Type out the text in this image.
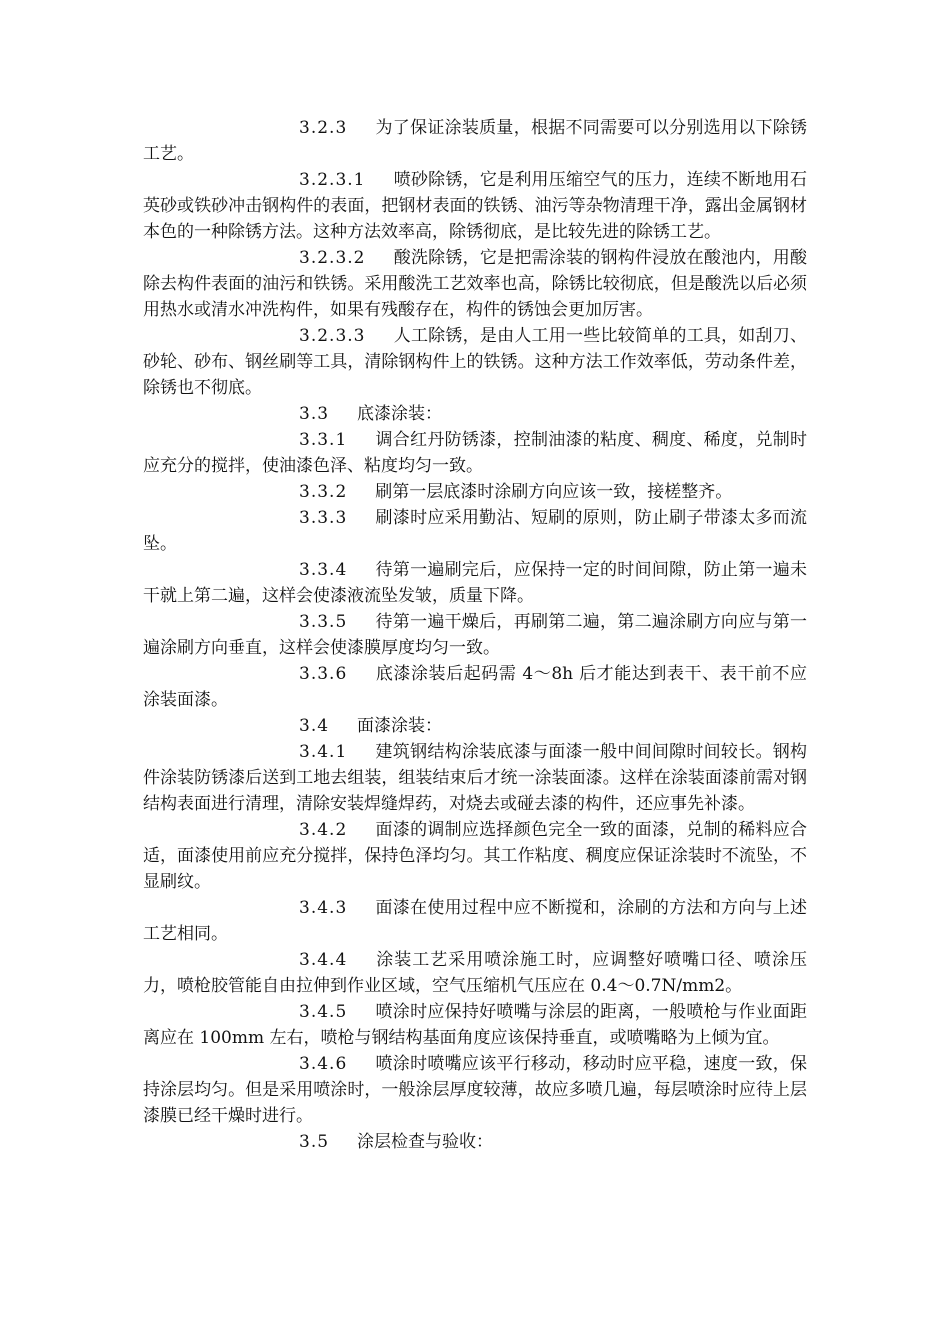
3.2.3 为了保证涂装质量，根据不同需要可以分别选用以下除锈工艺。

3.2.3.1 喷砂除锈，它是利用压缩空气的压力，连续不断地用石英砂或铁砂冲击钢构件的表面，把钢材表面的铁锈、油污等杂物清理干净，露出金属钢材本色的一种除锈方法。这种方法效率高，除锈彻底，是比较先进的除锈工艺。

3.2.3.2 酸洗除锈，它是把需涂装的钢构件浸放在酸池内，用酸除去构件表面的油污和铁锈。采用酸洗工艺效率也高，除锈比较彻底，但是酸洗以后必须用热水或清水冲洗构件，如果有残酸存在，构件的锈蚀会更加厉害。

3.2.3.3 人工除锈，是由人工用一些比较简单的工具，如刮刀、砂轮、砂布、钢丝刷等工具，清除钢构件上的铁锈。这种方法工作效率低，劳动条件差，除锈也不彻底。

3.3 底漆涂装：

3.3.1 调合红丹防锈漆，控制油漆的粘度、稠度、稀度，兑制时应充分的搅拌，使油漆色泽、粘度均匀一致。

3.3.2 刷第一层底漆时涂刷方向应该一致，接槎整齐。

3.3.3 刷漆时应采用勤沾、短刷的原则，防止刷子带漆太多而流坠。

3.3.4 待第一遍刷完后，应保持一定的时间间隙，防止第一遍未干就上第二遍，这样会使漆液流坠发皱，质量下降。

3.3.5 待第一遍干燥后，再刷第二遍，第二遍涂刷方向应与第一遍涂刷方向垂直，这样会使漆膜厚度均匀一致。

3.3.6 底漆涂装后起码需 4～8h 后才能达到表干、表干前不应涂装面漆。

3.4 面漆涂装：

3.4.1 建筑钢结构涂装底漆与面漆一般中间间隙时间较长。钢构件涂装防锈漆后送到工地去组装，组装结束后才统一涂装面漆。这样在涂装面漆前需对钢结构表面进行清理，清除安装焊缝焊药，对烧去或碰去漆的构件，还应事先补漆。

3.4.2 面漆的调制应选择颜色完全一致的面漆，兑制的稀料应合适，面漆使用前应充分搅拌，保持色泽均匀。其工作粘度、稠度应保证涂装时不流坠，不显刷纹。

3.4.3 面漆在使用过程中应不断搅和，涂刷的方法和方向与上述工艺相同。

3.4.4 涂装工艺采用喷涂施工时，应调整好喷嘴口径、喷涂压力，喷枪胶管能自由拉伸到作业区域，空气压缩机气压应在 0.4～0.7N/mm2。

3.4.5 喷涂时应保持好喷嘴与涂层的距离，一般喷枪与作业面距离应在 100mm 左右，喷枪与钢结构基面角度应该保持垂直，或喷嘴略为上倾为宜。

3.4.6 喷涂时喷嘴应该平行移动，移动时应平稳，速度一致，保持涂层均匀。但是采用喷涂时，一般涂层厚度较薄，故应多喷几遍，每层喷涂时应待上层漆膜已经干燥时进行。

3.5 涂层检查与验收：
